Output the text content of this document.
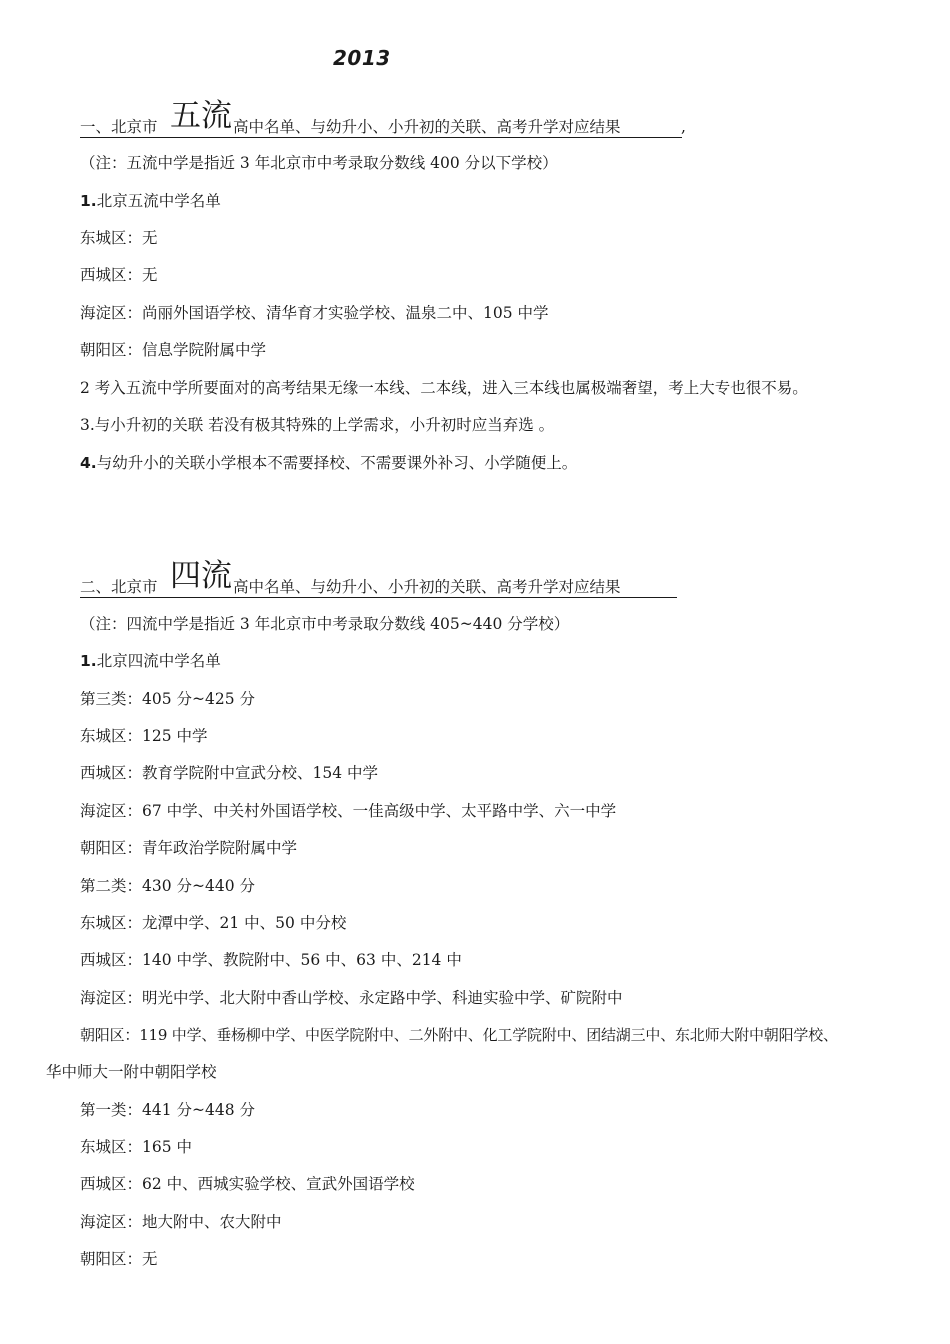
2013
一、北京市 五流 高中名单、与幼升小、小升初的关联、高考升学对应结果	,
（注：五流中学是指近 3 年北京市中考录取分数线 400 分以下学校）
1.北京五流中学名单
东城区：无
西城区：无
海淀区：尚丽外国语学校、清华育才实验学校、温泉二中、105 中学
朝阳区：信息学院附属中学
2 考入五流中学所要面对的高考结果无缘一本线、二本线，进入三本线也属极端奢望，考上大专也很不易。
3.与小升初的关联 若没有极其特殊的上学需求，小升初时应当弃选 。
4.与幼升小的关联小学根本不需要择校、不需要课外补习、小学随便上。
二、北京市 四流 高中名单、与幼升小、小升初的关联、高考升学对应结果
（注：四流中学是指近 3 年北京市中考录取分数线 405~440 分学校）
1.北京四流中学名单
第三类：405 分~425 分
东城区：125 中学
西城区：教育学院附中宣武分校、154 中学
海淀区：67 中学、中关村外国语学校、一佳高级中学、太平路中学、六一中学
朝阳区：青年政治学院附属中学
第二类：430 分~440 分
东城区：龙潭中学、21 中、50 中分校
西城区：140 中学、教院附中、56 中、63 中、214 中
海淀区：明光中学、北大附中香山学校、永定路中学、科迪实验中学、矿院附中
朝阳区：119 中学、垂杨柳中学、中医学院附中、二外附中、化工学院附中、团结湖三中、东北师大附中朝阳学校、
华中师大一附中朝阳学校
第一类：441 分~448 分
东城区：165 中
西城区：62 中、西城实验学校、宣武外国语学校
海淀区：地大附中、农大附中
朝阳区：无
